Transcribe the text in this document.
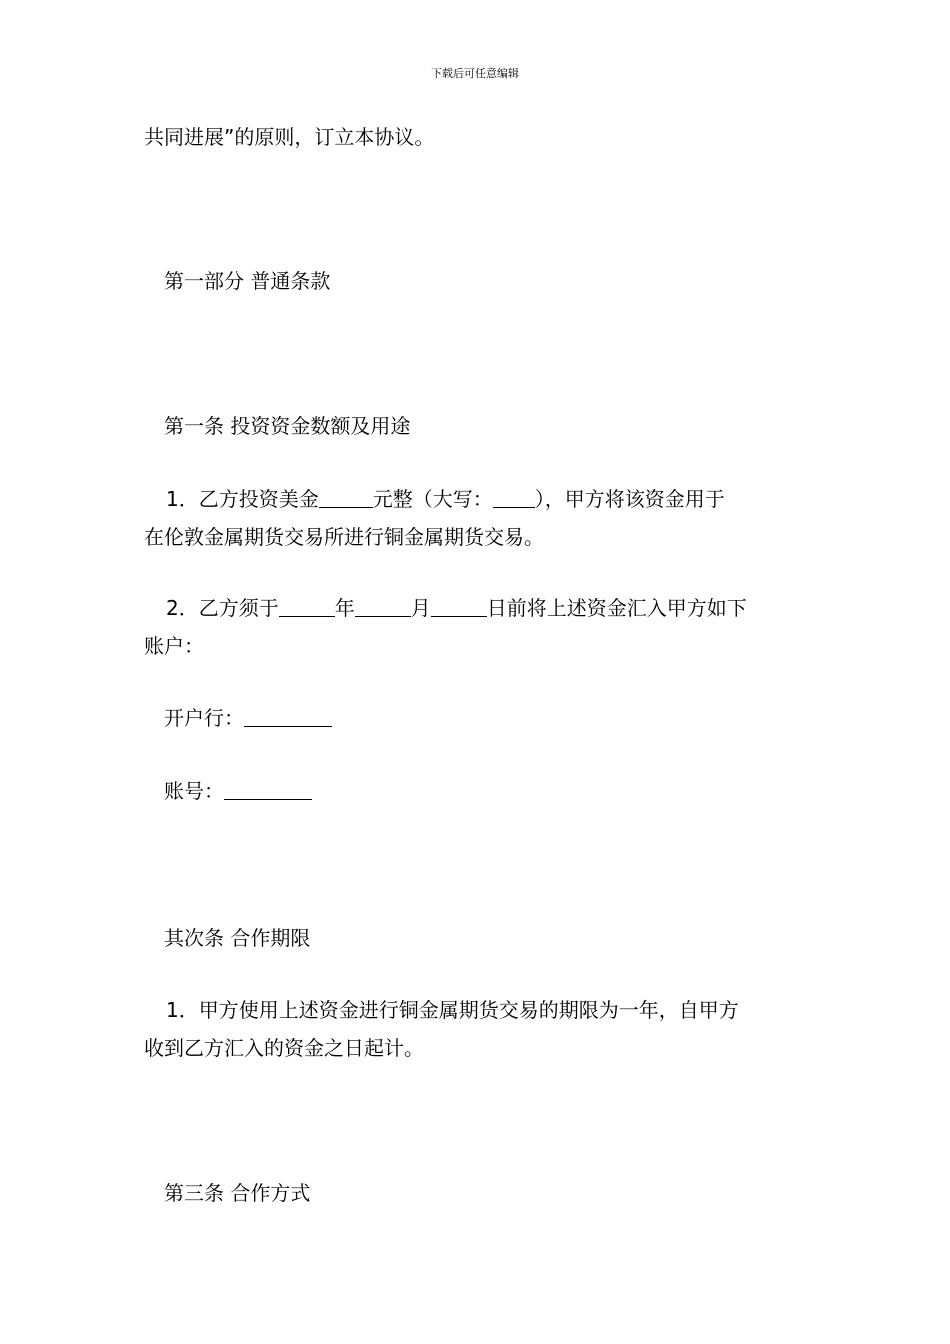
下载后可任意编辑
共同进展”的原则，订立本协议。
第一部分 普通条款
第一条 投资资金数额及用途
1．乙方投资美金	元整（大写： ），甲方将该资金用于
在伦敦金属期货交易所进行铜金属期货交易。
2．乙方须于	年	月	日前将上述资金汇入甲方如下
账户：
开户行：
账号：
其次条 合作期限
1．甲方使用上述资金进行铜金属期货交易的期限为一年，自甲方
收到乙方汇入的资金之日起计。
第三条 合作方式
